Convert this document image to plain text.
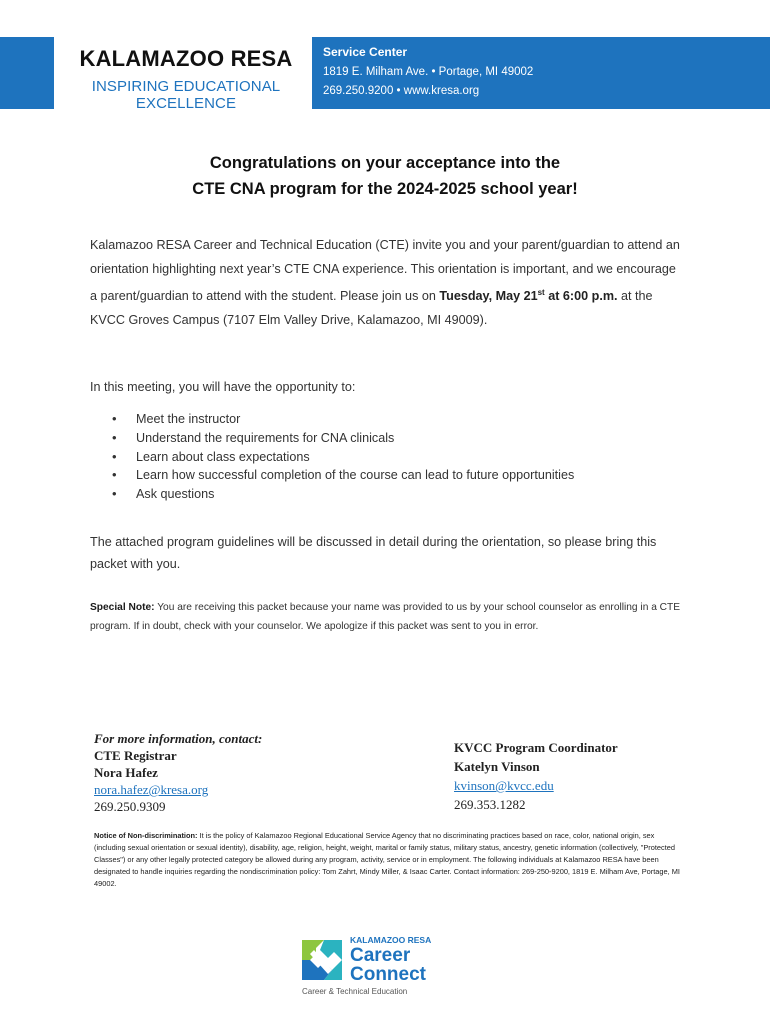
KALAMAZOO RESA
INSPIRING EDUCATIONAL EXCELLENCE
Service Center
1819 E. Milham Ave. • Portage, MI 49002
269.250.9200 • www.kresa.org
Congratulations on your acceptance into the
CTE CNA program for the 2024-2025 school year!

Kalamazoo RESA Career and Technical Education (CTE) invite you and your parent/guardian to attend an orientation highlighting next year’s CTE CNA experience. This orientation is important, and we encourage a parent/guardian to attend with the student. Please join us on Tuesday, May 21st at 6:00 p.m. at the KVCC Groves Campus (7107 Elm Valley Drive, Kalamazoo, MI 49009).

In this meeting, you will have the opportunity to:

• Meet the instructor
• Understand the requirements for CNA clinicals
• Learn about class expectations
• Learn how successful completion of the course can lead to future opportunities
• Ask questions

The attached program guidelines will be discussed in detail during the orientation, so please bring this packet with you.

Special Note: You are receiving this packet because your name was provided to us by your school counselor as enrolling in a CTE program. If in doubt, check with your counselor. We apologize if this packet was sent to you in error.
For more information, contact:
CTE Registrar
Nora Hafez
nora.hafez@kresa.org
269.250.9309
KVCC Program Coordinator
Katelyn Vinson
kvinson@kvcc.edu
269.353.1282
Notice of Non-discrimination: It is the policy of Kalamazoo Regional Educational Service Agency that no discriminating practices based on race, color, national origin, sex (including sexual orientation or sexual identity), disability, age, religion, height, weight, marital or family status, military status, ancestry, genetic information (collectively, "Protected Classes") or any other legally protected category be allowed during any program, activity, service or in employment. The following individuals at Kalamazoo RESA have been designated to handle inquiries regarding the nondiscrimination policy: Tom Zahrt, Mindy Miller, & Isaac Carter. Contact information: 269-250-9200, 1819 E. Milham Ave, Portage, MI 49002.
KALAMAZOO RESA
Career
Connect
Career & Technical Education
